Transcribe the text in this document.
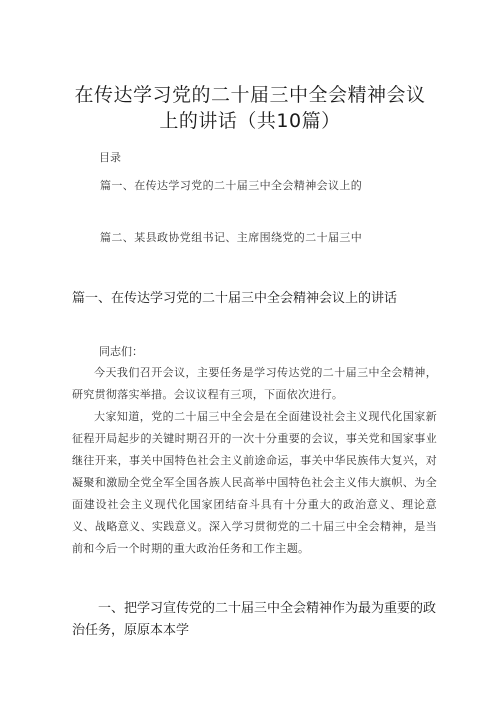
在传达学习党的二十届三中全会精神会议
上的讲话（共10篇）
目录
篇一、在传达学习党的二十届三中全会精神会议上的
篇二、某县政协党组书记、主席围绕党的二十届三中
篇一、在传达学习党的二十届三中全会精神会议上的讲话
同志们：
今天我们召开会议，主要任务是学习传达党的二十届三中全会精神，研究贯彻落实举措。会议议程有三项，下面依次进行。
大家知道，党的二十届三中全会是在全面建设社会主义现代化国家新征程开局起步的关键时期召开的一次十分重要的会议，事关党和国家事业继往开来，事关中国特色社会主义前途命运，事关中华民族伟大复兴，对凝聚和激励全党全军全国各族人民高举中国特色社会主义伟大旗帜、为全面建设社会主义现代化国家团结奋斗具有十分重大的政治意义、理论意义、战略意义、实践意义。深入学习贯彻党的二十届三中全会精神，是当前和今后一个时期的重大政治任务和工作主题。
一、把学习宣传党的二十届三中全会精神作为最为重要的政治任务，原原本本学
